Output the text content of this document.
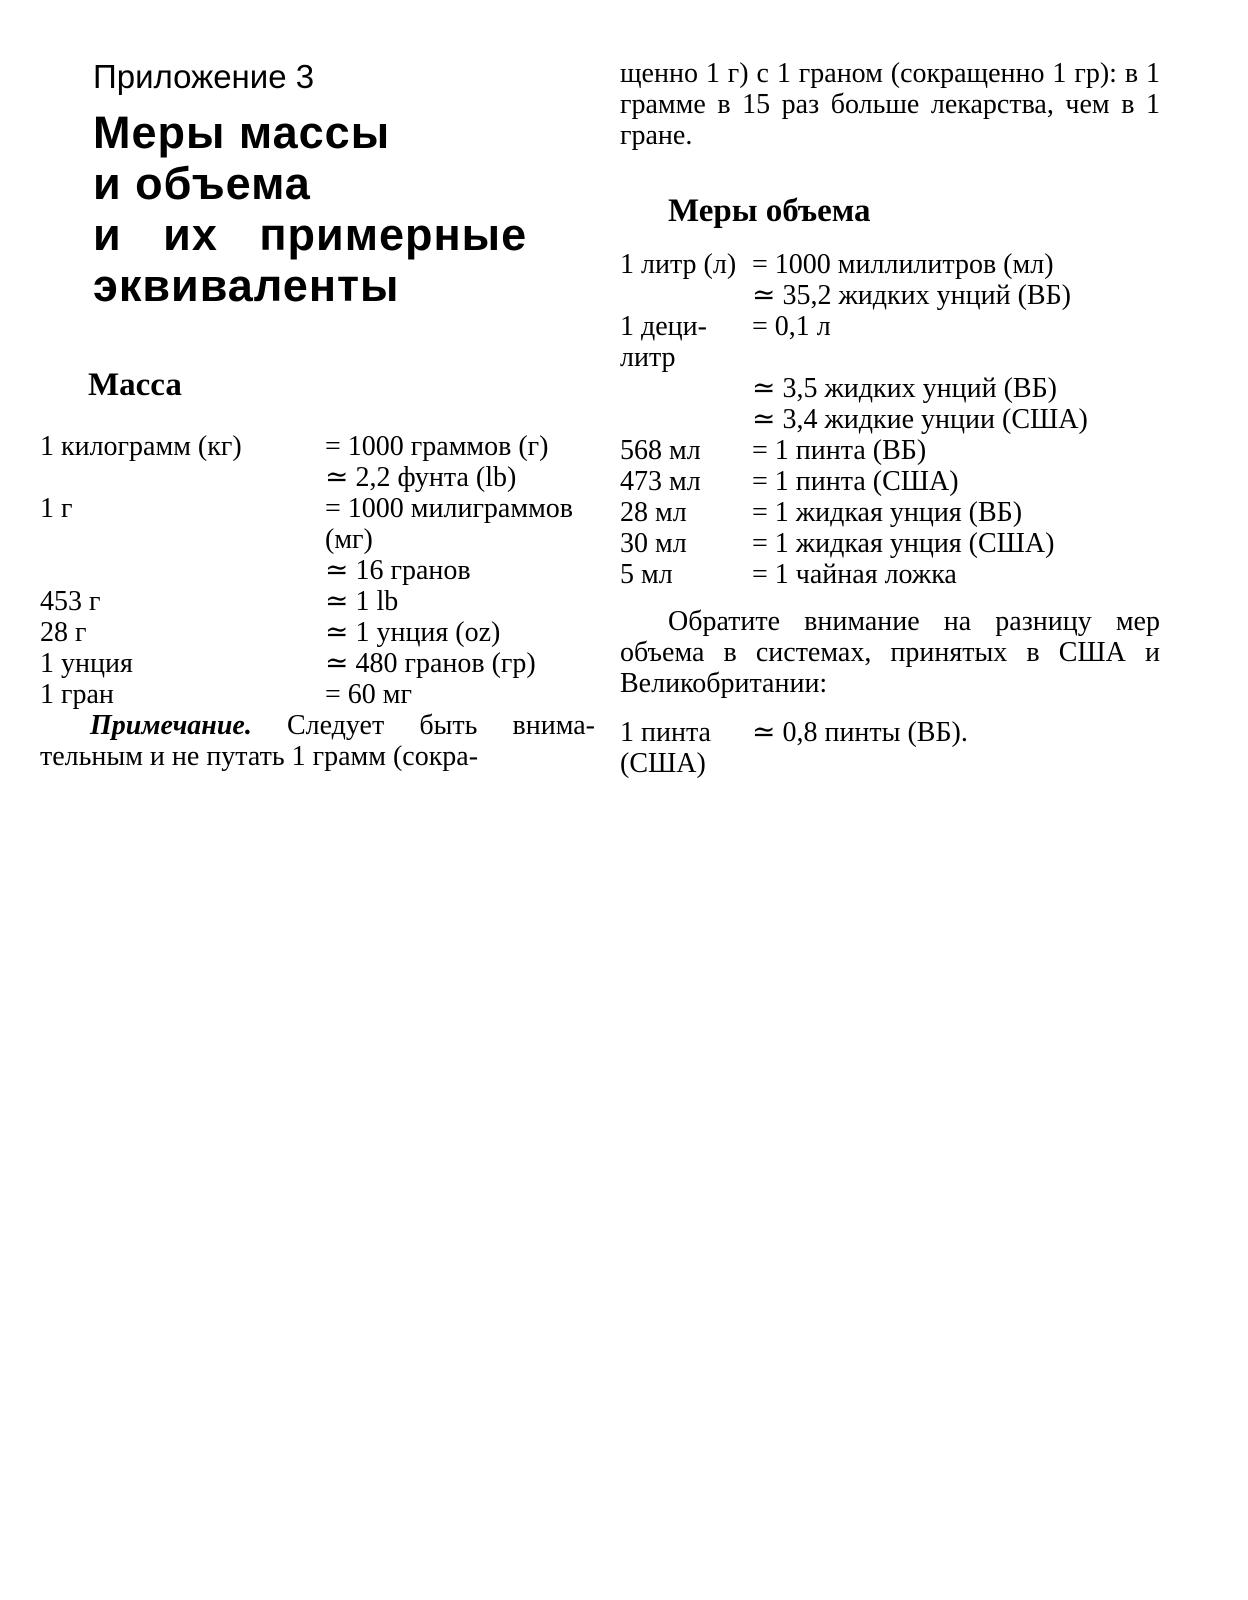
Приложение 3
Меры массы
и объема
и их примерные
эквиваленты
Масса
1 килограмм (кг)	= 1000 граммов (г)
	≃ 2,2 фунта (lb)
1 г	= 1000 милиграммов (мг)
	≃ 16 гранов
453 г	≃ 1 lb
28 г	≃ 1 унция (oz)
1 унция	≃ 480 гранов (гр)
1 гран	= 60 мг

Примечание. Следует быть внимательным и не путать 1 грамм (сокра-

щенно 1 г) с 1 граном (сокращенно 1 гр): в 1 грамме в 15 раз больше лекарства, чем в 1 гране.

Меры объема
1 литр (л)	= 1000 миллилитров (мл)
	≃ 35,2 жидких унций (ВБ)
1 децилитр	= 0,1 л
	≃ 3,5 жидких унций (ВБ)
	≃ 3,4 жидкие унции (США)
568 мл	= 1 пинта (ВБ)
473 мл	= 1 пинта (США)
28 мл	= 1 жидкая унция (ВБ)
30 мл	= 1 жидкая унция (США)
5 мл	= 1 чайная ложка

Обратите внимание на разницу мер объема в системах, принятых в США и Великобритании:

1 пинта (США)	≃ 0,8 пинты (ВБ).
